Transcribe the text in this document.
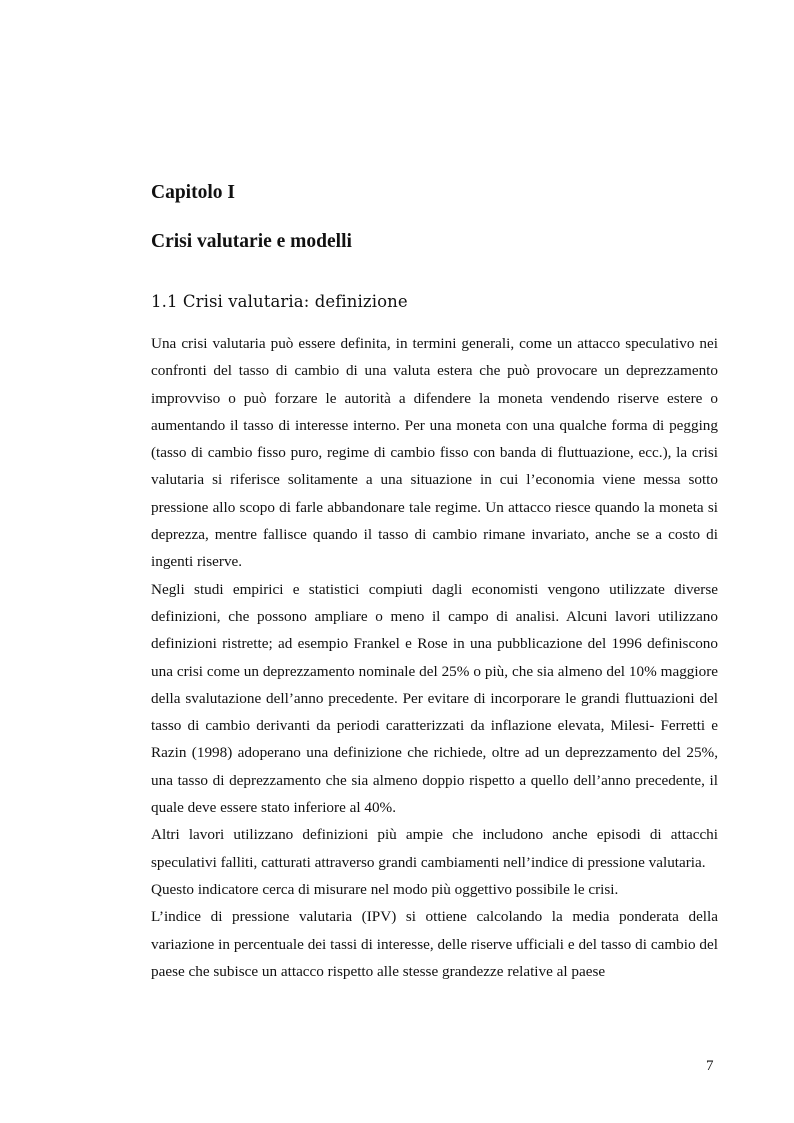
Capitolo I
Crisi valutarie e modelli
1.1 Crisi valutaria: definizione

Una crisi valutaria può essere definita, in termini generali, come un attacco speculativo nei confronti del tasso di cambio di una valuta estera che può provocare un deprezzamento improvviso o può forzare le autorità a difendere la moneta vendendo riserve estere o aumentando il tasso di interesse interno. Per una moneta con una qualche forma di pegging (tasso di cambio fisso puro, regime di cambio fisso con banda di fluttuazione, ecc.), la crisi valutaria si riferisce solitamente a una situazione in cui l’economia viene messa sotto pressione allo scopo di farle abbandonare tale regime. Un attacco riesce quando la moneta si deprezza, mentre fallisce quando il tasso di cambio rimane invariato, anche se a costo di ingenti riserve.

Negli studi empirici e statistici compiuti dagli economisti vengono utilizzate diverse definizioni, che possono ampliare o meno il campo di analisi. Alcuni lavori utilizzano definizioni ristrette; ad esempio Frankel e Rose in una pubblicazione del 1996 definiscono una crisi come un deprezzamento nominale del 25% o più, che sia almeno del 10% maggiore della svalutazione dell’anno precedente. Per evitare di incorporare le grandi fluttuazioni del tasso di cambio derivanti da periodi caratterizzati da inflazione elevata, Milesi- Ferretti e Razin (1998) adoperano una definizione che richiede, oltre ad un deprezzamento del 25%, una tasso di deprezzamento che sia almeno doppio rispetto a quello dell’anno precedente, il quale deve essere stato inferiore al 40%.

Altri lavori utilizzano definizioni più ampie che includono anche episodi di attacchi speculativi falliti, catturati attraverso grandi cambiamenti nell’indice di pressione valutaria.

Questo indicatore cerca di misurare nel modo più oggettivo possibile le crisi.

L’indice di pressione valutaria (IPV) si ottiene calcolando la media ponderata della variazione in percentuale dei tassi di interesse, delle riserve ufficiali e del tasso di cambio del paese che subisce un attacco rispetto alle stesse grandezze relative al paese

7
